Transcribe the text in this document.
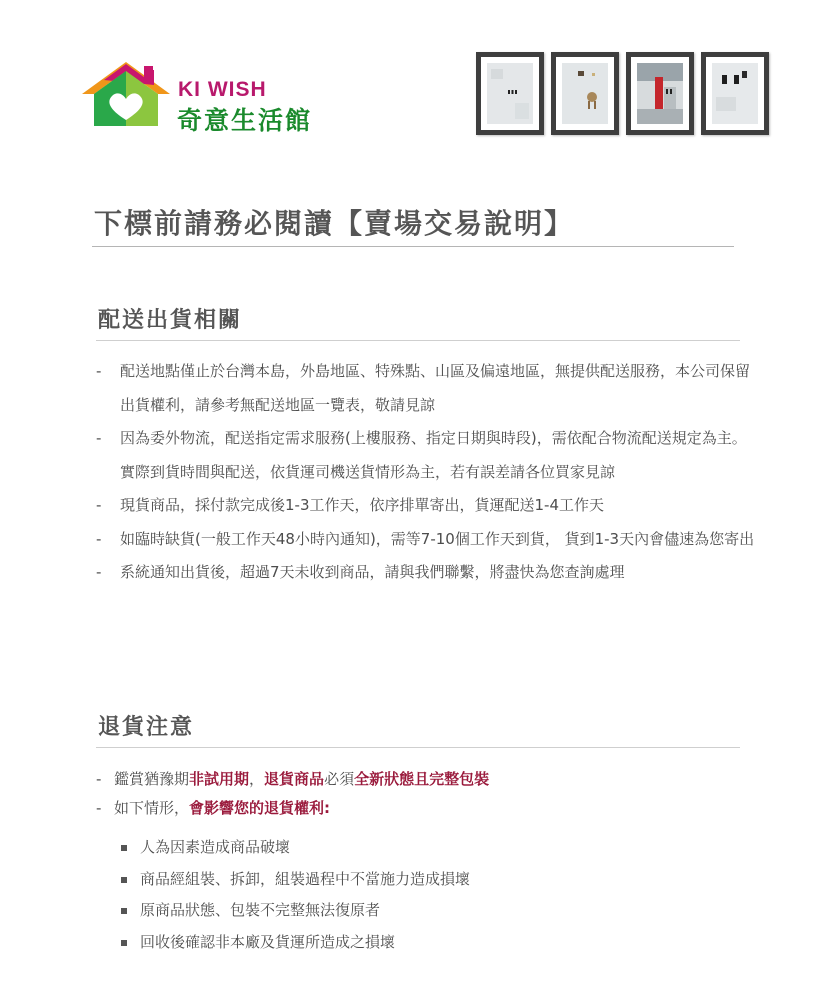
KI WISH
奇意生活館
下標前請務必閱讀【賣場交易說明】
配送出貨相關
- 配送地點僅止於台灣本島，外島地區、特殊點、山區及偏遠地區，無提供配送服務，本公司保留出貨權利，請參考無配送地區一覽表，敬請見諒
- 因為委外物流，配送指定需求服務(上樓服務、指定日期與時段)，需依配合物流配送規定為主。實際到貨時間與配送，依貨運司機送貨情形為主，若有誤差請各位買家見諒
- 現貨商品，採付款完成後1-3工作天，依序排單寄出，貨運配送1-4工作天
- 如臨時缺貨(一般工作天48小時內通知)，需等7-10個工作天到貨， 貨到1-3天內會儘速為您寄出
- 系統通知出貨後，超過7天未收到商品，請與我們聯繫，將盡快為您查詢處理
退貨注意
- 鑑賞猶豫期非試用期，退貨商品必須全新狀態且完整包裝
- 如下情形，會影響您的退貨權利:
人為因素造成商品破壞
商品經組裝、拆卸，組裝過程中不當施力造成損壞
原商品狀態、包裝不完整無法復原者
回收後確認非本廠及貨運所造成之損壞
